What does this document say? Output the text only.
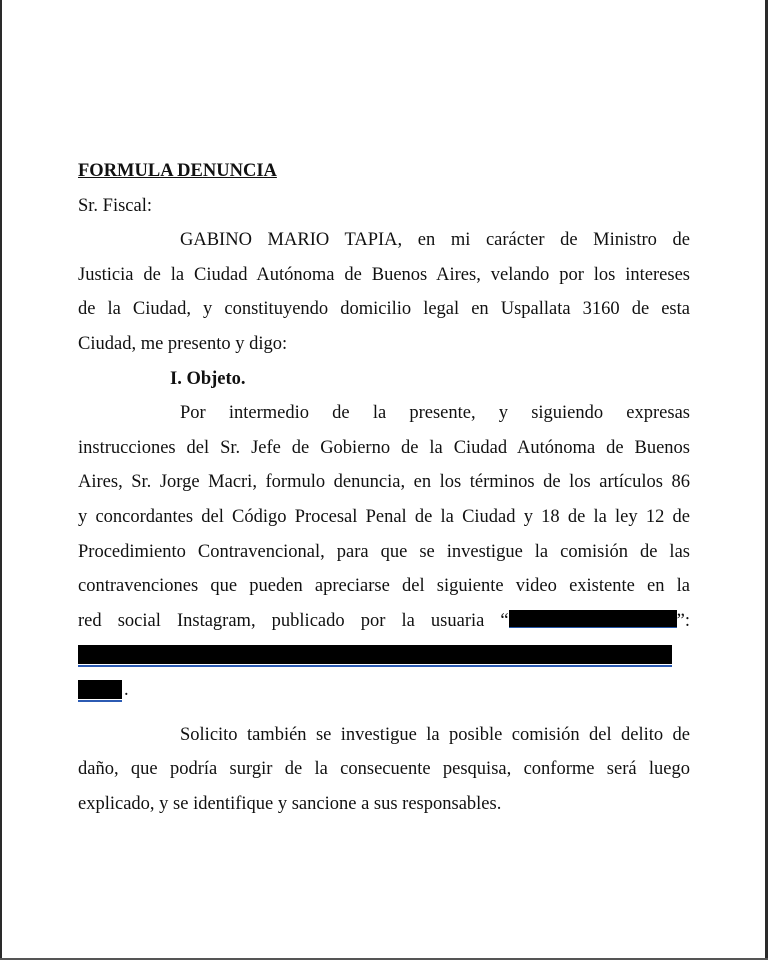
FORMULA DENUNCIA
Sr. Fiscal:
GABINO MARIO TAPIA, en mi carácter de Ministro de
Justicia de la Ciudad Autónoma de Buenos Aires, velando por los intereses
de la Ciudad, y constituyendo domicilio legal en Uspallata 3160 de esta
Ciudad, me presento y digo:
I. Objeto.
Por intermedio de la presente, y siguiendo expresas
instrucciones del Sr. Jefe de Gobierno de la Ciudad Autónoma de Buenos
Aires, Sr. Jorge Macri, formulo denuncia, en los términos de los artículos 86
y concordantes del Código Procesal Penal de la Ciudad y 18 de la ley 12 de
Procedimiento Contravencional, para que se investigue la comisión de las
contravenciones que pueden apreciarse del siguiente video existente en la
red social Instagram, publicado por la usuaria “	”:
.
Solicito también se investigue la posible comisión del delito de
daño, que podría surgir de la consecuente pesquisa, conforme será luego
explicado, y se identifique y sancione a sus responsables.
